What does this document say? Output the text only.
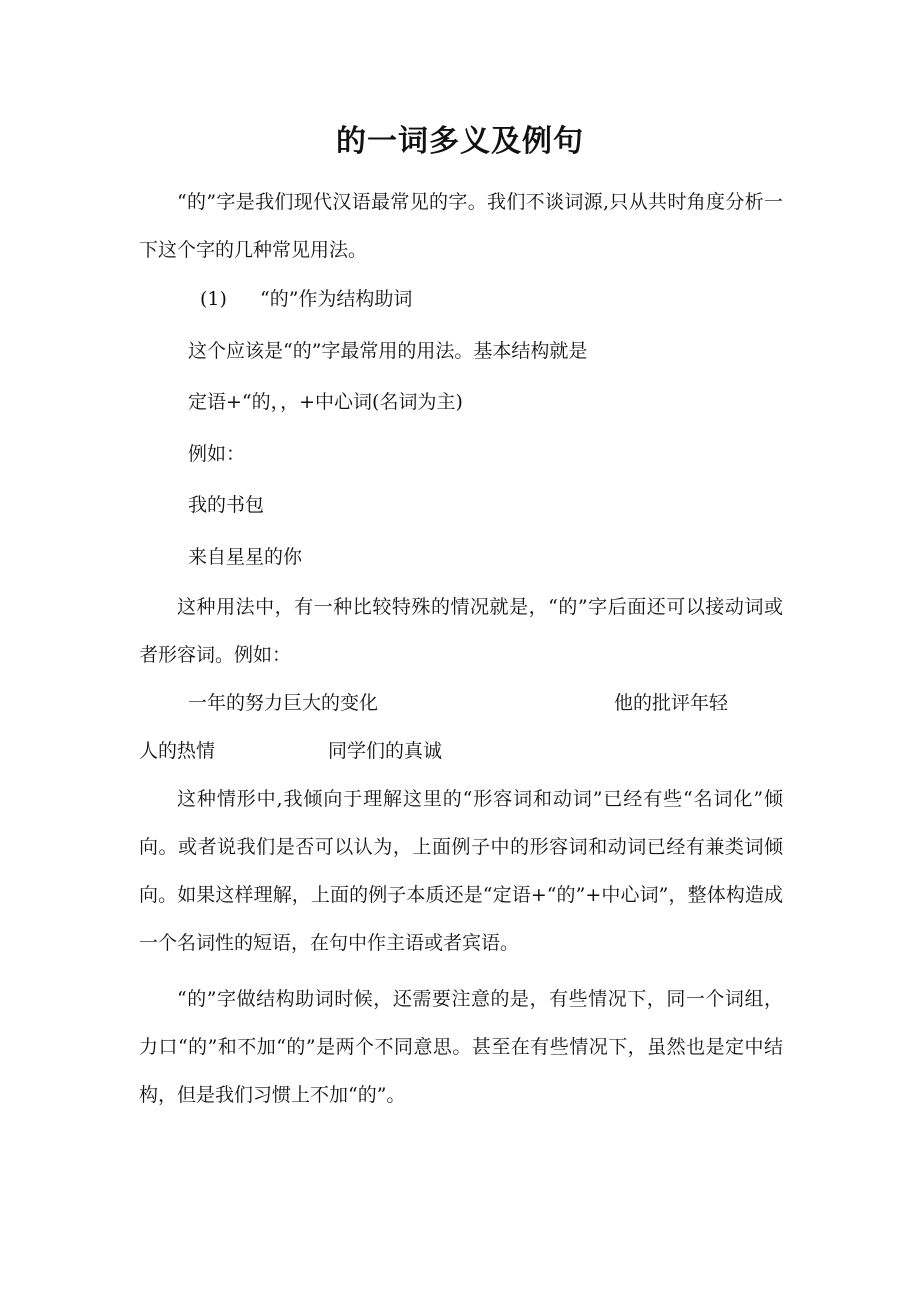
的一词多义及例句

“的”字是我们现代汉语最常见的字。我们不谈词源,只从共时角度分析一下这个字的几种常见用法。

(1) “的”作为结构助词

这个应该是“的”字最常用的用法。基本结构就是

定语+“的，，+中心词(名词为主)

例如：

我的书包

来自星星的你

这种用法中，有一种比较特殊的情况就是，“的”字后面还可以接动词或者形容词。例如：

一年的努力巨大的变化	他的批评年轻
人的热情	同学们的真诚

这种情形中,我倾向于理解这里的“形容词和动词”已经有些“名词化”倾向。或者说我们是否可以认为，上面例子中的形容词和动词已经有兼类词倾向。如果这样理解，上面的例子本质还是“定语+“的”+中心词”，整体构造成一个名词性的短语，在句中作主语或者宾语。

“的”字做结构助词时候，还需要注意的是，有些情况下，同一个词组，力口“的”和不加“的”是两个不同意思。甚至在有些情况下，虽然也是定中结构，但是我们习惯上不加“的”。
